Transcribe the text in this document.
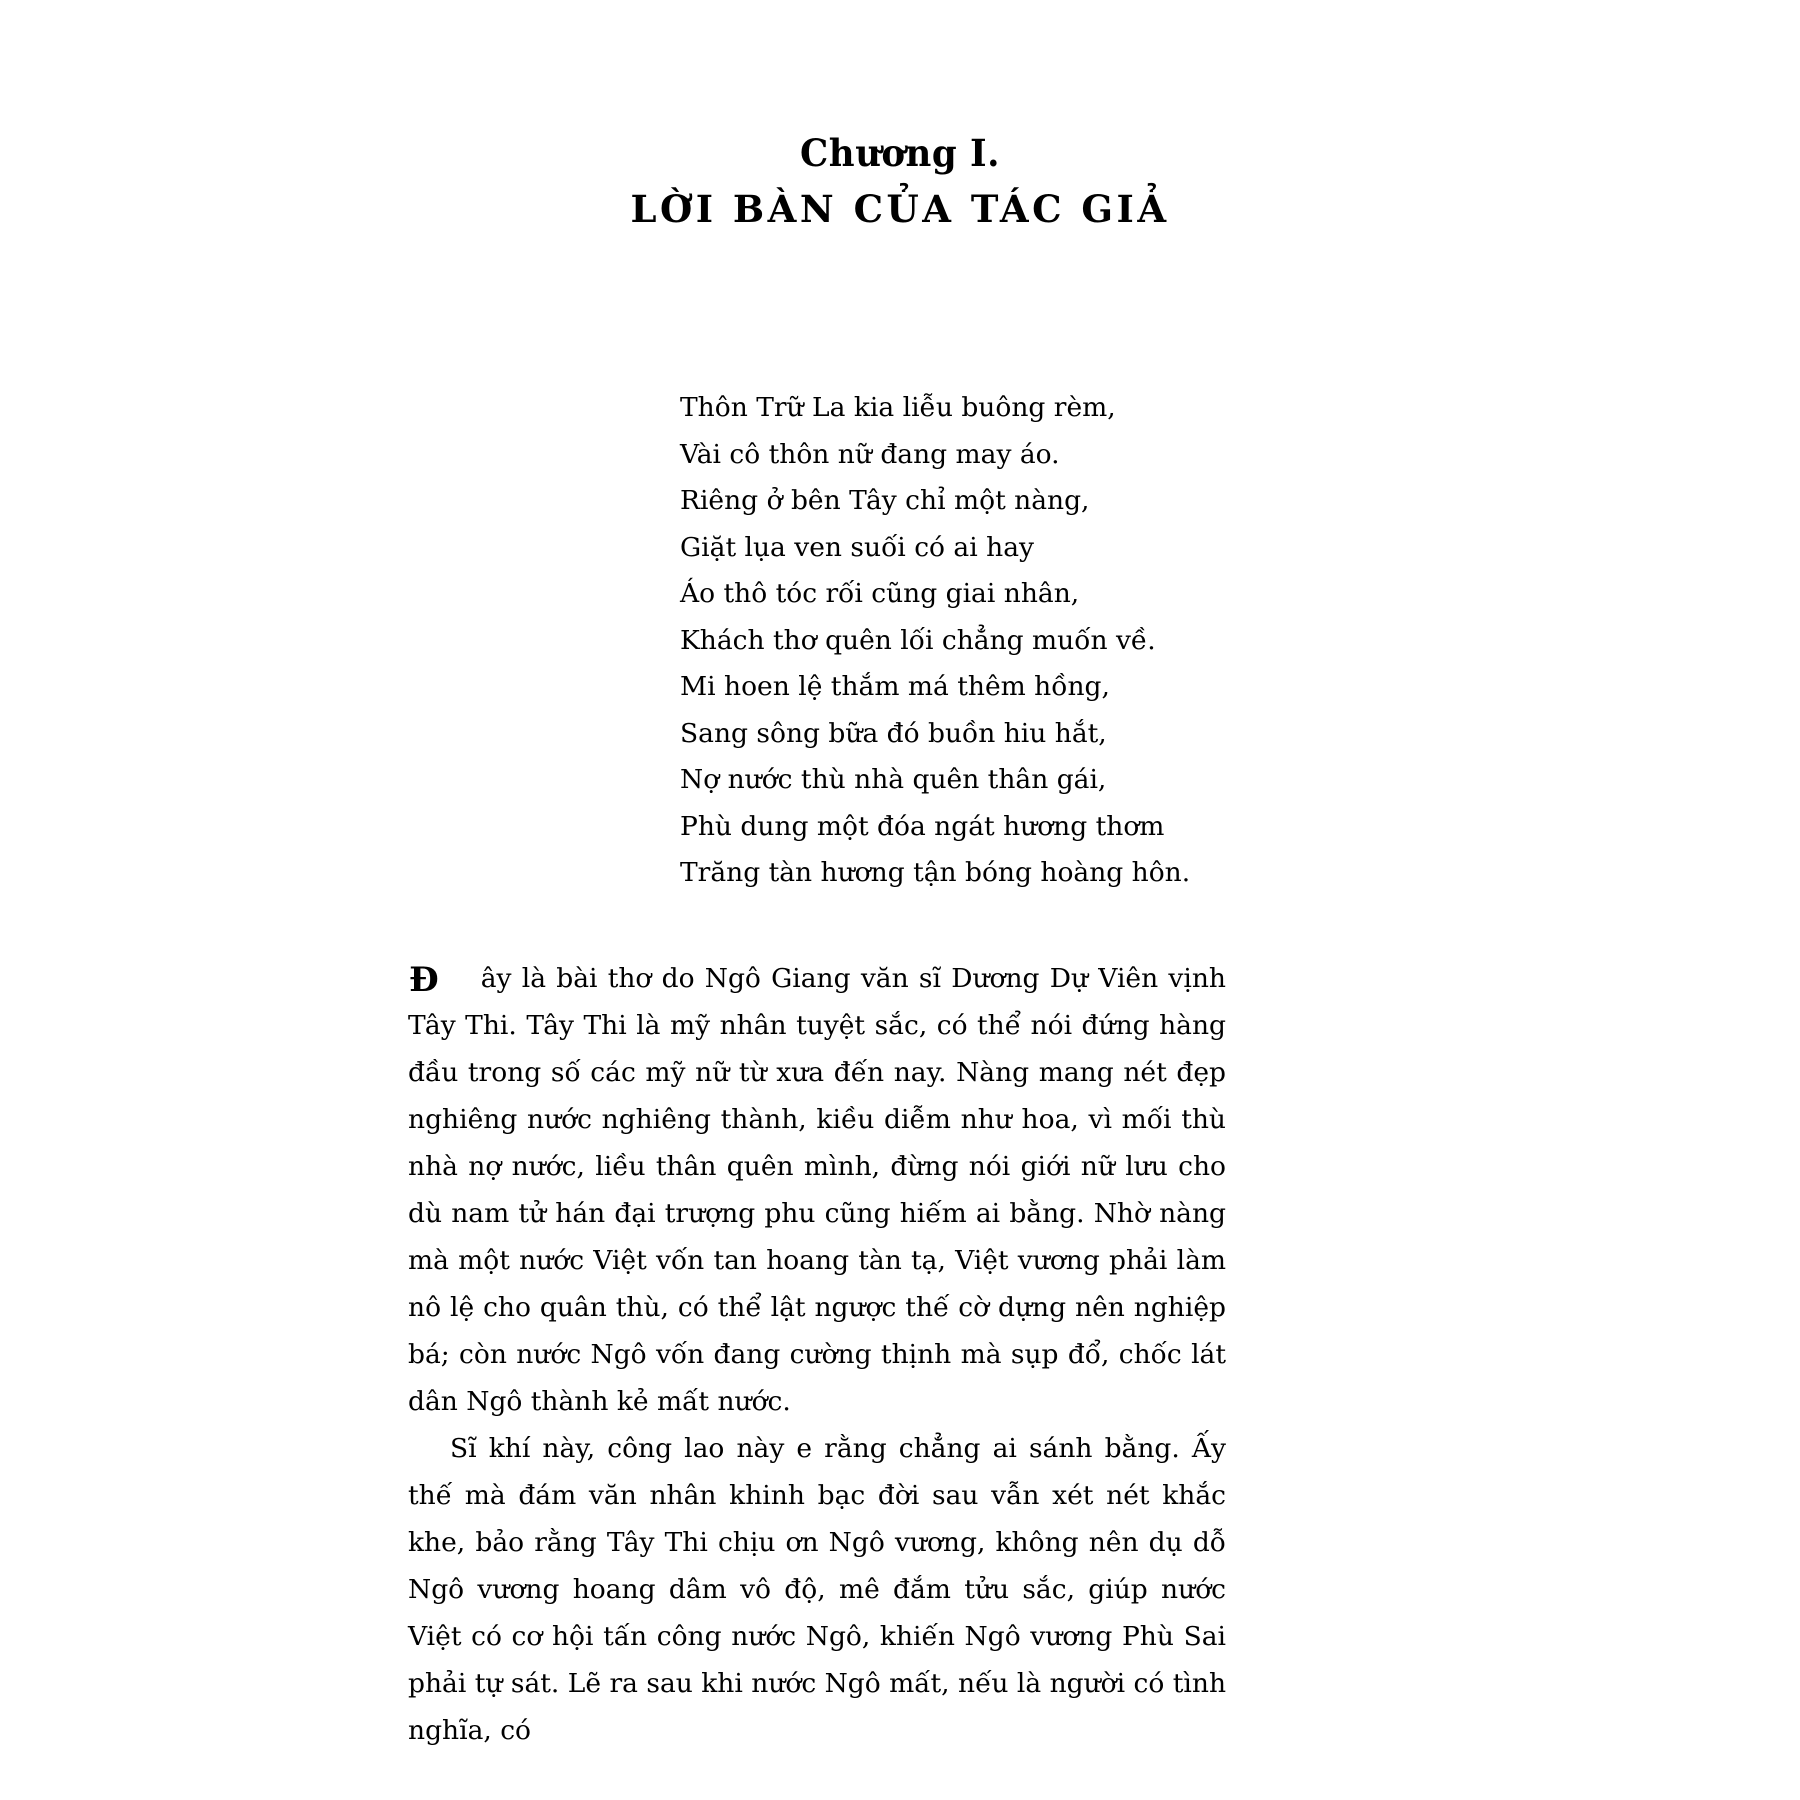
Chương I.
LỜI BÀN CỦA TÁC GIẢ
Thôn Trữ La kia liễu buông rèm,
Vài cô thôn nữ đang may áo.
Riêng ở bên Tây chỉ một nàng,
Giặt lụa ven suối có ai hay
Áo thô tóc rối cũng giai nhân,
Khách thơ quên lối chẳng muốn về.
Mi hoen lệ thắm má thêm hồng,
Sang sông bữa đó buồn hiu hắt,
Nợ nước thù nhà quên thân gái,
Phù dung một đóa ngát hương thơm
Trăng tàn hương tận bóng hoàng hôn.

Đ ây là bài thơ do Ngô Giang văn sĩ Dương Dự Viên vịnh Tây Thi. Tây Thi là mỹ nhân tuyệt sắc, có thể nói đứng hàng đầu trong số các mỹ nữ từ xưa đến nay. Nàng mang nét đẹp nghiêng nước nghiêng thành, kiều diễm như hoa, vì mối thù nhà nợ nước, liều thân quên mình, đừng nói giới nữ lưu cho dù nam tử hán đại trượng phu cũng hiếm ai bằng. Nhờ nàng mà một nước Việt vốn tan hoang tàn tạ, Việt vương phải làm nô lệ cho quân thù, có thể lật ngược thế cờ dựng nên nghiệp bá; còn nước Ngô vốn đang cường thịnh mà sụp đổ, chốc lát dân Ngô thành kẻ mất nước.

Sĩ khí này, công lao này e rằng chẳng ai sánh bằng. Ấy thế mà đám văn nhân khinh bạc đời sau vẫn xét nét khắc khe, bảo rằng Tây Thi chịu ơn Ngô vương, không nên dụ dỗ Ngô vương hoang dâm vô độ, mê đắm tửu sắc, giúp nước Việt có cơ hội tấn công nước Ngô, khiến Ngô vương Phù Sai phải tự sát. Lẽ ra sau khi nước Ngô mất, nếu là người có tình nghĩa, có
